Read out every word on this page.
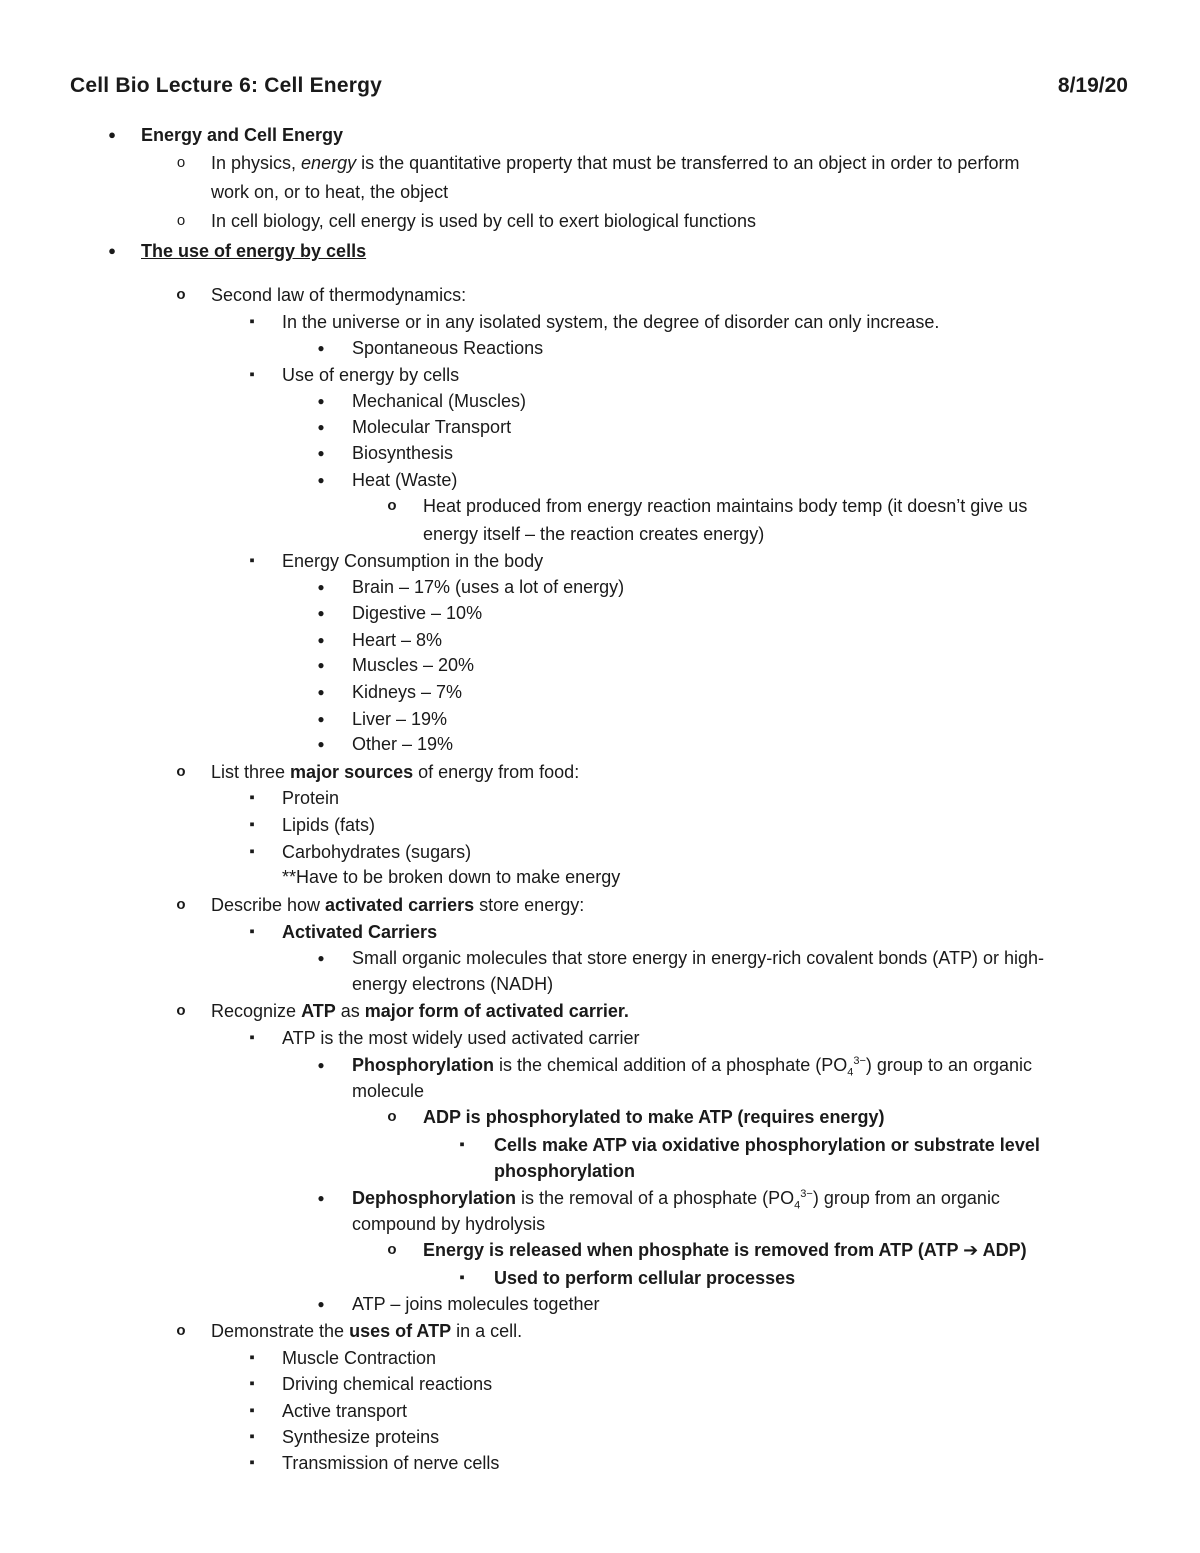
Cell Bio Lecture 6: Cell Energy	8/19/20
● Energy and Cell Energy
o In physics, energy is the quantitative property that must be transferred to an object in order to perform
work on, or to heat, the object
o In cell biology, cell energy is used by cell to exert biological functions
● The use of energy by cells
o Second law of thermodynamics:
▪	In the universe or in any isolated system, the degree of disorder can only increase.
● Spontaneous Reactions
▪	Use of energy by cells
● Mechanical (Muscles)
● Molecular Transport
● Biosynthesis
● Heat (Waste)
o Heat produced from energy reaction maintains body temp (it doesn’t give us
energy itself – the reaction creates energy)
▪	Energy Consumption in the body
● Brain – 17% (uses a lot of energy)
● Digestive – 10%
● Heart – 8%
● Muscles – 20%
● Kidneys – 7%
● Liver – 19%
● Other – 19%
o List three major sources of energy from food:
▪	Protein
▪	Lipids (fats)
▪	Carbohydrates (sugars)
**Have to be broken down to make energy
o Describe how activated carriers store energy:
▪	Activated Carriers
● Small organic molecules that store energy in energy-rich covalent bonds (ATP) or high-
energy electrons (NADH)
o Recognize ATP as major form of activated carrier.
▪	ATP is the most widely used activated carrier
● Phosphorylation is the chemical addition of a phosphate $(PO_4^{3-})$ group to an organic
molecule
o ADP is phosphorylated to make ATP (requires energy)
▪	Cells make ATP via oxidative phosphorylation or substrate level
phosphorylation
● Dephosphorylation is the removal of a phosphate $(PO_4^{3-})$ group from an organic
compound by hydrolysis
o Energy is released when phosphate is removed from ATP (ATP ➔ ADP)
▪	Used to perform cellular processes
● ATP – joins molecules together
o Demonstrate the uses of ATP in a cell.
▪	Muscle Contraction
▪	Driving chemical reactions
▪	Active transport
▪	Synthesize proteins
▪	Transmission of nerve cells
